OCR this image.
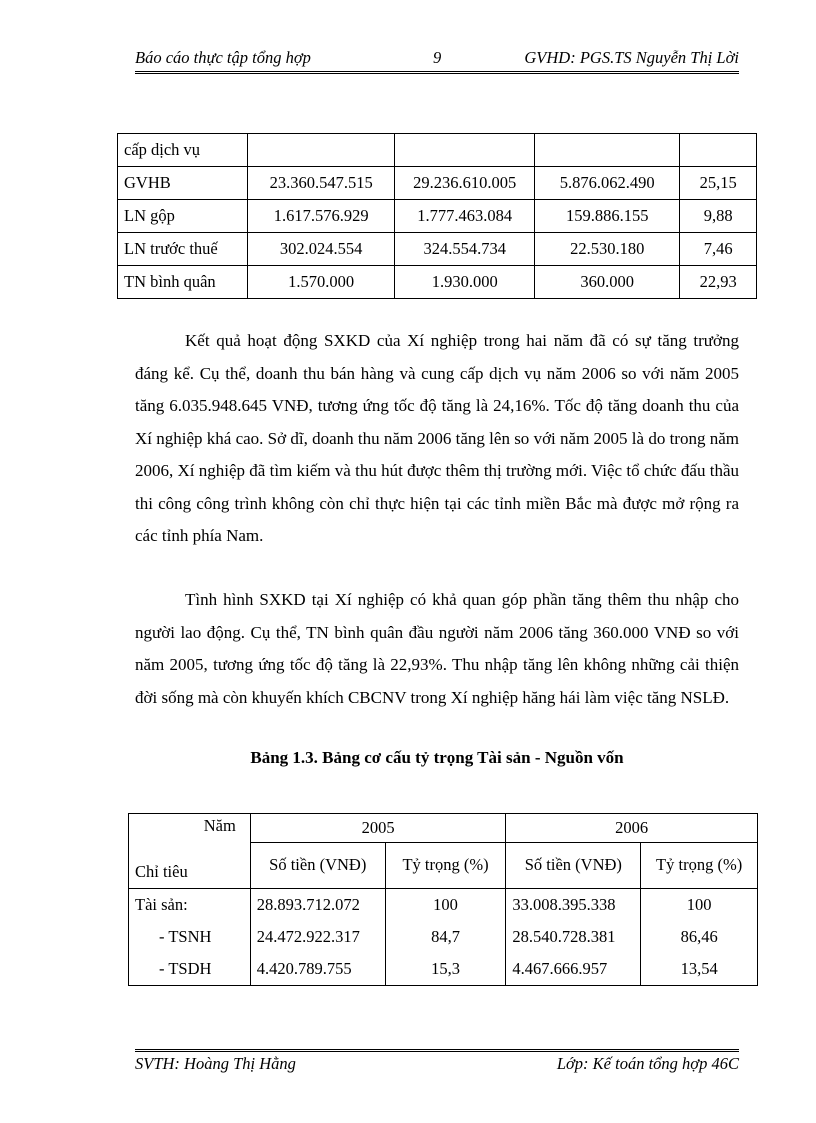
Báo cáo thực tập tổng hợp	9	GVHD: PGS.TS Nguyễn Thị Lời
cấp dịch vụ				
GVHB	23.360.547.515	29.236.610.005	5.876.062.490	25,15
LN gộp	1.617.576.929	1.777.463.084	159.886.155	9,88
LN trước thuế	302.024.554	324.554.734	22.530.180	7,46
TN bình quân	1.570.000	1.930.000	360.000	22,93

Kết quả hoạt động SXKD của Xí nghiệp trong hai năm đã có sự tăng trưởng đáng kể. Cụ thể, doanh thu bán hàng và cung cấp dịch vụ năm 2006 so với năm 2005 tăng 6.035.948.645 VNĐ, tương ứng tốc độ tăng là 24,16%. Tốc độ tăng doanh thu của Xí nghiệp khá cao. Sở dĩ, doanh thu năm 2006 tăng lên so với năm 2005 là do trong năm 2006, Xí nghiệp đã tìm kiếm và thu hút được thêm thị trường mới. Việc tổ chức đấu thầu thi công công trình không còn chỉ thực hiện tại các tỉnh miền Bắc mà được mở rộng ra các tỉnh phía Nam.

Tình hình SXKD tại Xí nghiệp có khả quan góp phần tăng thêm thu nhập cho người lao động. Cụ thể, TN bình quân đầu người năm 2006 tăng 360.000 VNĐ so với năm 2005, tương ứng tốc độ tăng là 22,93%. Thu nhập tăng lên không những cải thiện đời sống mà còn khuyến khích CBCNV trong Xí nghiệp hăng hái làm việc tăng NSLĐ.

Bảng 1.3. Bảng cơ cấu tỷ trọng Tài sản - Nguồn vốn
Năm	2005		2006	
Chỉ tiêu	Số tiền (VNĐ)	Tỷ trọng (%)	Số tiền (VNĐ)	Tỷ trọng (%)
Tài sản:	28.893.712.072	100	33.008.395.338	100
- TSNH	24.472.922.317	84,7	28.540.728.381	86,46
- TSDH	4.420.789.755	15,3	4.467.666.957	13,54
SVTH: Hoàng Thị Hằng	Lớp: Kế toán tổng hợp 46C
